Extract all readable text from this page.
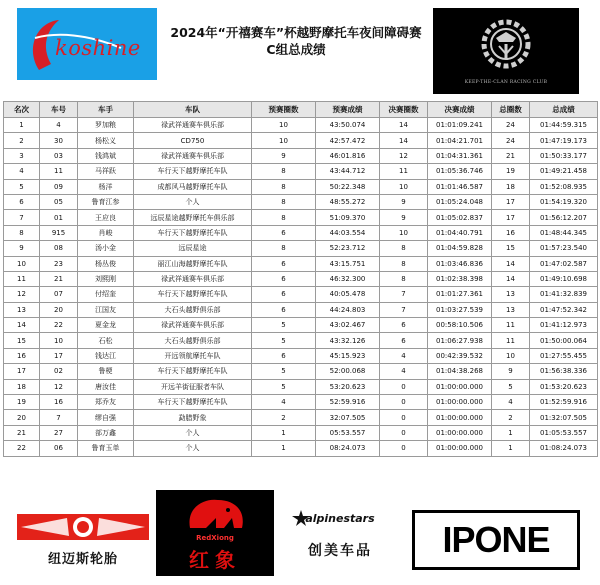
koshine
2024年“开禧赛车”杯越野摩托车夜间障碍赛
C组总成绩
KEEP-THE-CLAN RACING CLUB
名次	车号	车手	车队	预赛圈数	预赛成绩	决赛圈数	决赛成绩	总圈数	总成绩
1	4	罗加粮	禄武祥通赛车俱乐部	10	43:50.074	14	01:01:09.241	24	01:44:59.315
2	30	杨松义	CD750	10	42:57.472	14	01:04:21.701	24	01:47:19.173
3	03	钱鸿斌	禄武祥通赛车俱乐部	9	46:01.816	12	01:04:31.361	21	01:50:33.177
4	11	马祥跃	车行天下越野摩托车队	8	43:44.712	11	01:05:36.746	19	01:49:21.458
5	09	杨洋	成都风马越野摩托车队	8	50:22.348	10	01:01:46.587	18	01:52:08.935
6	05	鲁育江参	个人	8	48:55.272	9	01:05:24.048	17	01:54:19.320
7	01	王应良	远辰星途越野摩托车俱乐部	8	51:09.370	9	01:05:02.837	17	01:56:12.207
8	915	肖峻	车行天下越野摩托车队	6	44:03.554	10	01:04:40.791	16	01:48:44.345
9	08	汤小金	远辰星途	8	52:23.712	8	01:04:59.828	15	01:57:23.540
10	23	杨丛俊	丽江山海越野摩托车队	6	43:15.751	8	01:03:46.836	14	01:47:02.587
11	21	刘熙刚	禄武祥通赛车俱乐部	6	46:32.300	8	01:02:38.398	14	01:49:10.698
12	07	付绍奎	车行天下越野摩托车队	6	40:05.478	7	01:01:27.361	13	01:41:32.839
13	20	江国友	大石头越野俱乐部	6	44:24.803	7	01:03:27.539	13	01:47:52.342
14	22	夏金龙	禄武祥通赛车俱乐部	5	43:02.467	6	00:58:10.506	11	01:41:12.973
15	10	石松	大石头越野俱乐部	5	43:32.126	6	01:06:27.938	11	01:50:00.064
16	17	钱达江	开远领航摩托车队	6	45:15.923	4	00:42:39.532	10	01:27:55.455
17	02	鲁梗	车行天下越野摩托车队	5	52:00.068	4	01:04:38.268	9	01:56:38.336
18	12	唐汝佳	开远羊街征服者车队	5	53:20.623	0	01:00:00.000	5	01:53:20.623
19	16	郑乔友	车行天下越野摩托车队	4	52:59.916	0	01:00:00.000	4	01:52:59.916
20	7	缪自强	勐腊野象	2	32:07.505	0	01:00:00.000	2	01:32:07.505
21	27	部万鑫	个人	1	05:53.557	0	01:00:00.000	1	01:05:53.557
22	06	鲁育玉单	个人	1	08:24.073	0	01:00:00.000	1	01:08:24.073
纽迈斯轮胎
RedXiong
红象
alpinestars
创美车品	IPONE
